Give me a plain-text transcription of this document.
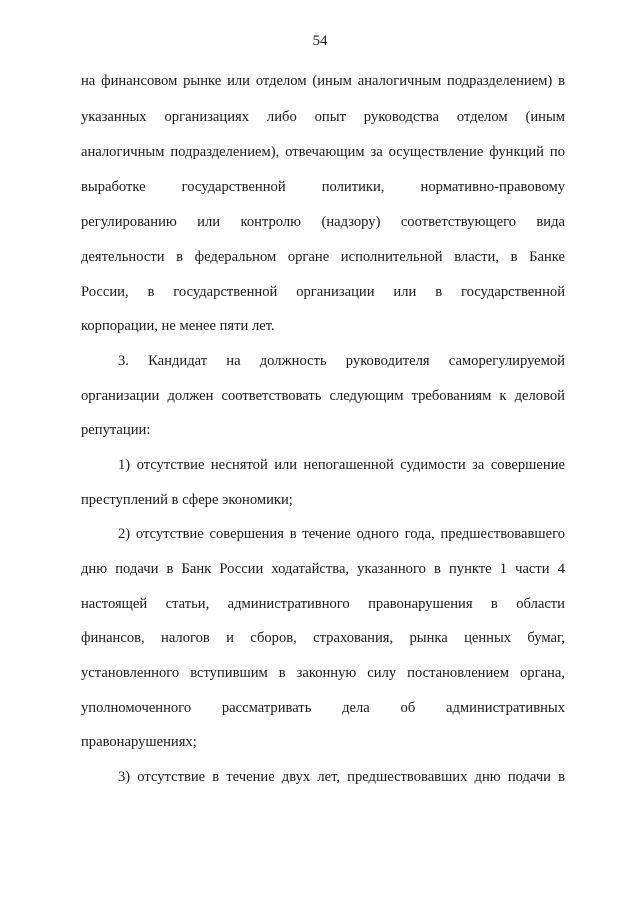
54
на финансовом рынке или отделом (иным аналогичным подразделением) в
указанных организациях либо опыт руководства отделом (иным
аналогичным подразделением), отвечающим за осуществление функций по
выработке государственной политики, нормативно-правовому
регулированию или контролю (надзору) соответствующего вида
деятельности в федеральном органе исполнительной власти, в Банке
России, в государственной организации или в государственной
корпорации, не менее пяти лет.
3. Кандидат на должность руководителя саморегулируемой
организации должен соответствовать следующим требованиям к деловой
репутации:
1) отсутствие неснятой или непогашенной судимости за совершение
преступлений в сфере экономики;
2) отсутствие совершения в течение одного года, предшествовавшего
дню подачи в Банк России ходатайства, указанного в пункте 1 части 4
настоящей статьи, административного правонарушения в области
финансов, налогов и сборов, страхования, рынка ценных бумаг,
установленного вступившим в законную силу постановлением органа,
уполномоченного рассматривать дела об административных
правонарушениях;
3) отсутствие в течение двух лет, предшествовавших дню подачи в
